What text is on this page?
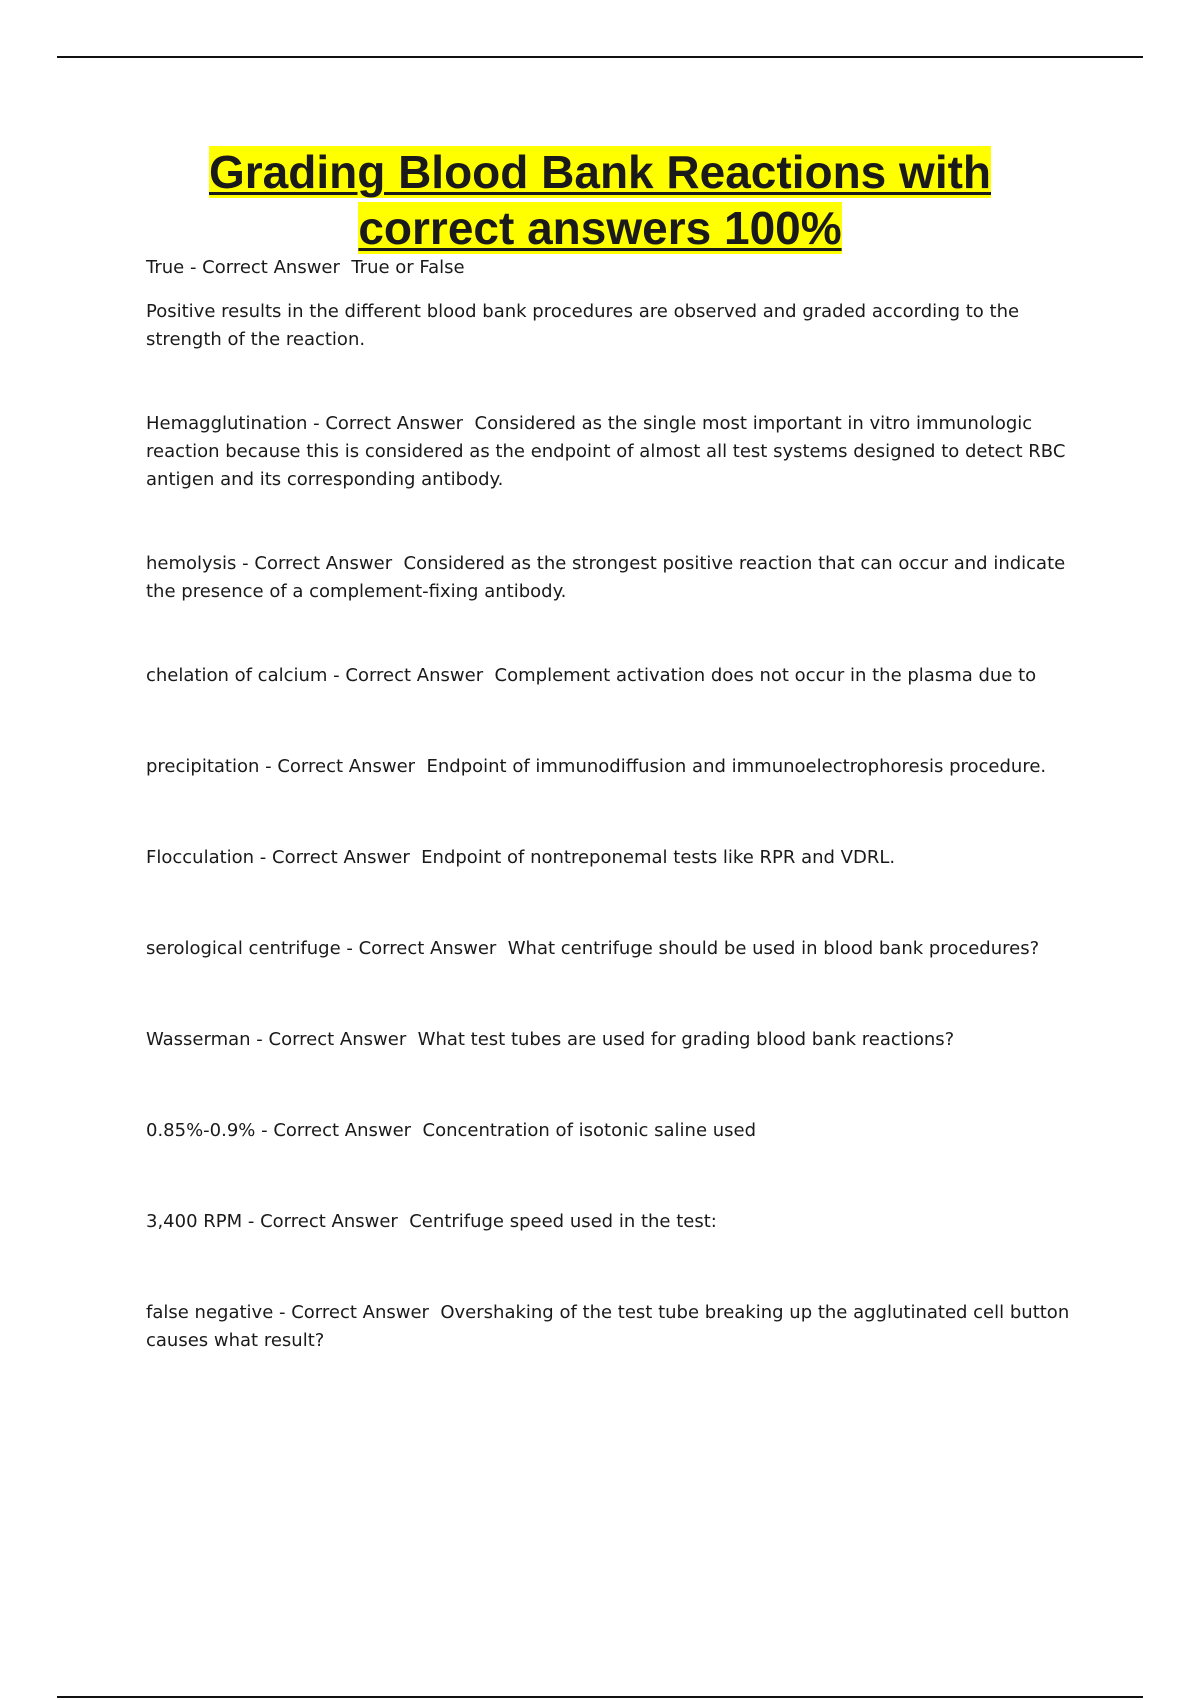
Grading Blood Bank Reactions with
correct answers 100%

True - Correct Answer  True or False

Positive results in the different blood bank procedures are observed and graded according to the strength of the reaction.

Hemagglutination - Correct Answer  Considered as the single most important in vitro immunologic reaction because this is considered as the endpoint of almost all test systems designed to detect RBC antigen and its corresponding antibody.

hemolysis - Correct Answer  Considered as the strongest positive reaction that can occur and indicate the presence of a complement-fixing antibody.

chelation of calcium - Correct Answer  Complement activation does not occur in the plasma due to

precipitation - Correct Answer  Endpoint of immunodiffusion and immunoelectrophoresis procedure.

Flocculation - Correct Answer  Endpoint of nontreponemal tests like RPR and VDRL.

serological centrifuge - Correct Answer  What centrifuge should be used in blood bank procedures?

Wasserman - Correct Answer  What test tubes are used for grading blood bank reactions?

0.85%-0.9% - Correct Answer  Concentration of isotonic saline used

3,400 RPM - Correct Answer  Centrifuge speed used in the test:

false negative - Correct Answer  Overshaking of the test tube breaking up the agglutinated cell button causes what result?
